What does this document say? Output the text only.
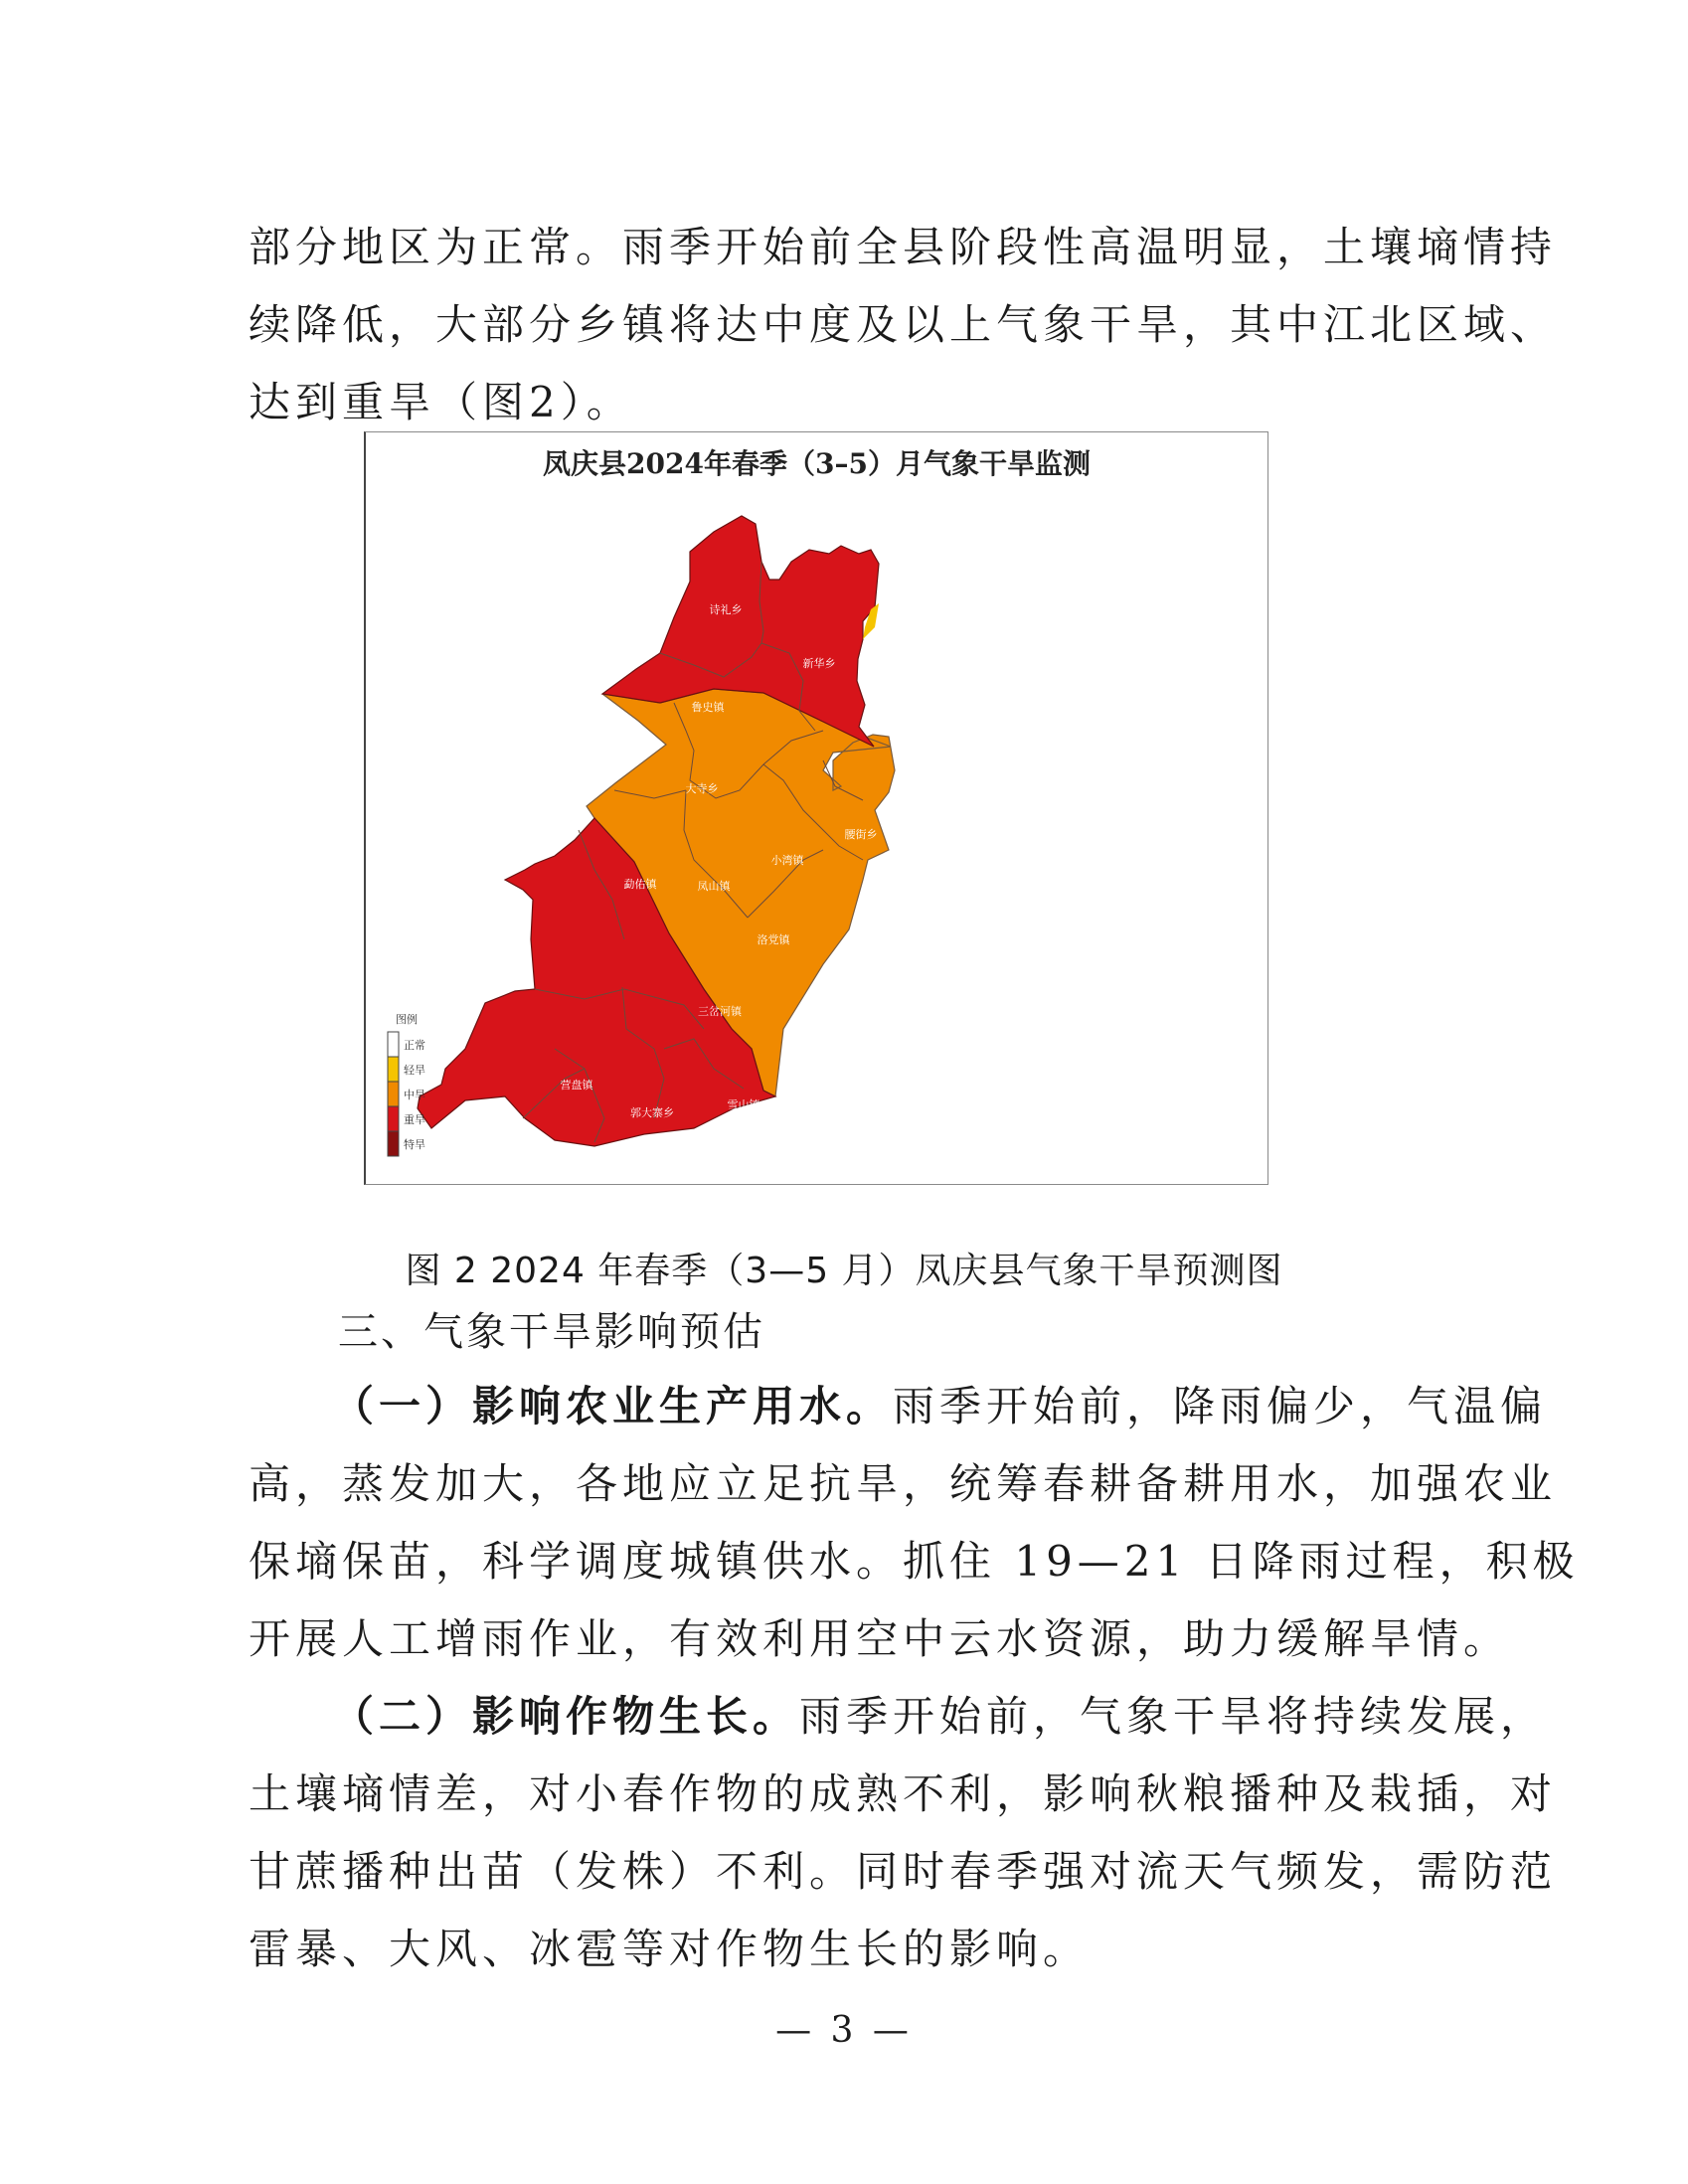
部分地区为正常。雨季开始前全县阶段性高温明显，土壤墒情持

续降低，大部分乡镇将达中度及以上气象干旱，其中江北区域、

达到重旱（图2）。

凤庆县2024年春季（3–5）月气象干旱监测
诗礼乡
新华乡
鲁史镇
大寺乡
腰街乡
小湾镇
勐佑镇	凤山镇
洛党镇
三岔河镇
营盘镇
郭大寨乡
雪山镇
图例
正常
轻旱
中旱
重旱
特旱
图 2 2024 年春季（3—5 月）凤庆县气象干旱预测图
三、气象干旱影响预估

（一）影响农业生产用水。雨季开始前，降雨偏少，气温偏

高，蒸发加大，各地应立足抗旱，统筹春耕备耕用水，加强农业

保墒保苗，科学调度城镇供水。抓住 19—21 日降雨过程，积极

开展人工增雨作业，有效利用空中云水资源，助力缓解旱情。

（二）影响作物生长。雨季开始前，气象干旱将持续发展，

土壤墒情差，对小春作物的成熟不利，影响秋粮播种及栽插，对

甘蔗播种出苗（发株）不利。同时春季强对流天气频发，需防范

雷暴、大风、冰雹等对作物生长的影响。

— 3 —
